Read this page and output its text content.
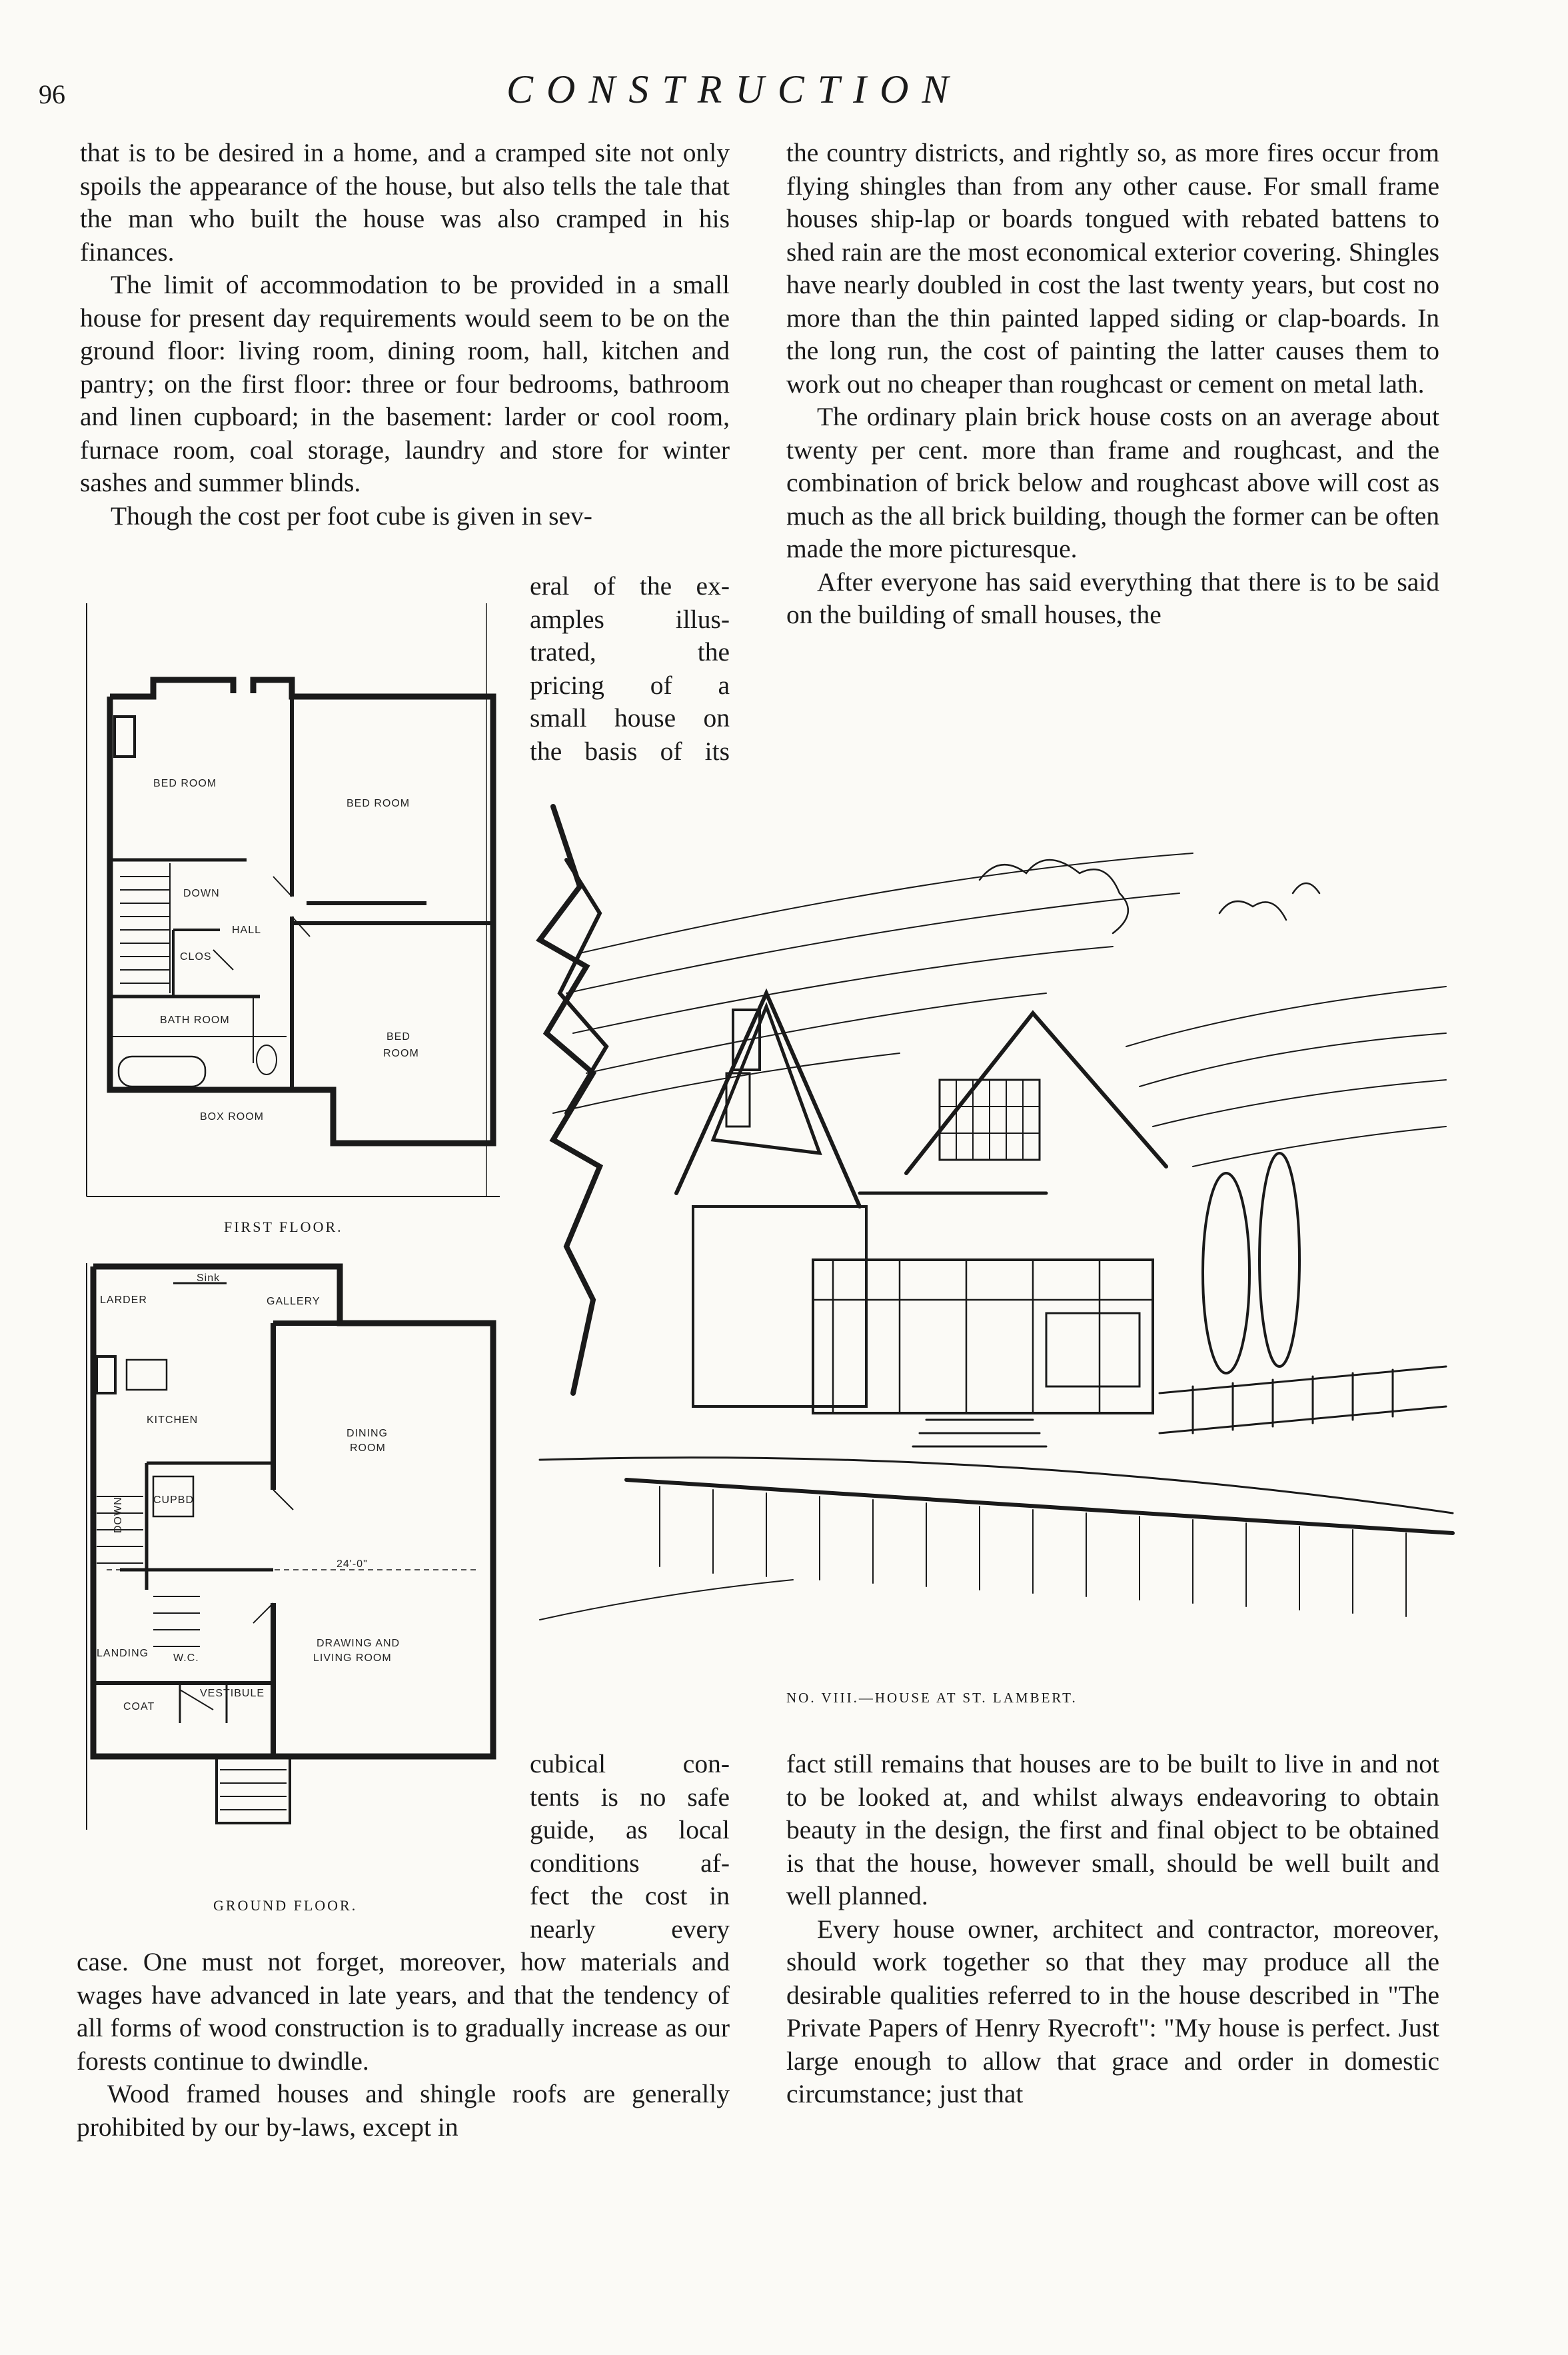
96	CONSTRUCTION

that is to be desired in a home, and a cramped site not only spoils the appearance of the house, but also tells the tale that the man who built the house was also cramped in his finances.

The limit of accommodation to be provided in a small house for present day requirements would seem to be on the ground floor: living room, dining room, hall, kitchen and pantry; on the first floor: three or four bedrooms, bathroom and linen cupboard; in the basement: larder or cool room, furnace room, coal storage, laundry and store for winter sashes and summer blinds.

Though the cost per foot cube is given in sev-

eral of the ex-

amples illus-

trated, the

pricing of a

small house on

the basis of its

cubical con-

tents is no safe

guide, as local

conditions af-

fect the cost in

nearly every

case. One must not forget, moreover, how materials and wages have advanced in late years, and that the tendency of all forms of wood construction is to gradually increase as our forests continue to dwindle.

Wood framed houses and shingle roofs are generally prohibited by our by-laws, except in

the country districts, and rightly so, as more fires occur from flying shingles than from any other cause. For small frame houses ship-lap or boards tongued with rebated battens to shed rain are the most economical exterior covering. Shingles have nearly doubled in cost the last twenty years, but cost no more than the thin painted lapped siding or clap-boards. In the long run, the cost of painting the latter causes them to work out no cheaper than roughcast or cement on metal lath.

The ordinary plain brick house costs on an average about twenty per cent. more than frame and roughcast, and the combination of brick below and roughcast above will cost as much as the all brick building, though the former can be often made the more picturesque.

After everyone has said everything that there is to be said on the building of small houses, the

fact still remains that houses are to be built to live in and not to be looked at, and whilst always endeavoring to obtain beauty in the design, the first and final object to be obtained is that the house, however small, should be well built and well planned.

Every house owner, architect and contractor, moreover, should work together so that they may produce all the desirable qualities referred to in the house described in "The Private Papers of Henry Ryecroft": "My house is perfect. Just large enough to allow that grace and order in domestic circumstance; just that

BED ROOM
BED ROOM
BED
ROOM
HALL
DOWN
CLOS
BATH ROOM
BOX ROOM
FIRST FLOOR.
LARDER	GALLERY
Sink
KITCHEN
DINING
ROOM
DOWN	CUPBD
24'-0"
DRAWING AND
LIVING ROOM
LANDING W.C.
COAT
VESTIBULE
GROUND FLOOR.
NO. VIII.—HOUSE AT ST. LAMBERT.
